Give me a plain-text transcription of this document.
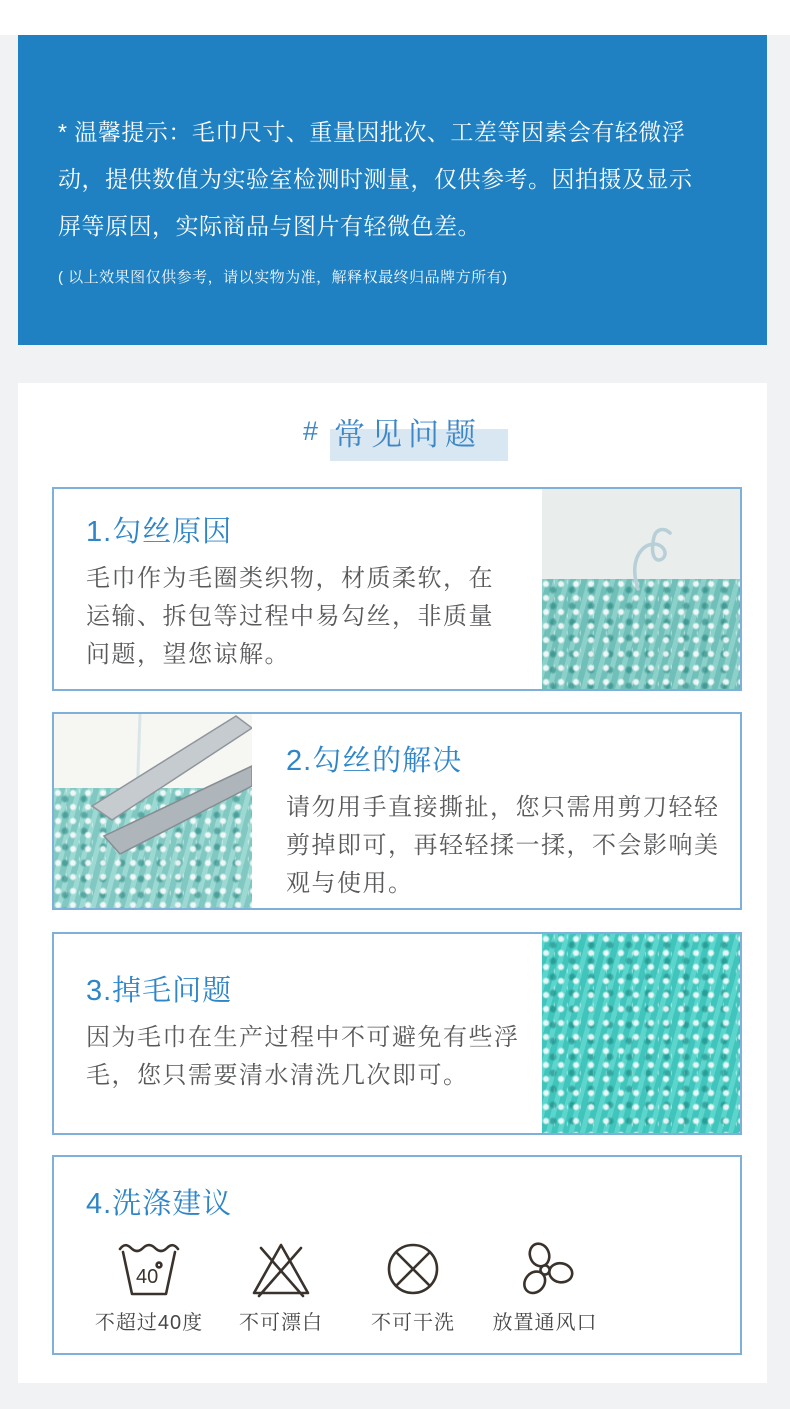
* 温馨提示：毛巾尺寸、重量因批次、工差等因素会有轻微浮动，提供数值为实验室检测时测量，仅供参考。因拍摄及显示屏等原因，实际商品与图片有轻微色差。

( 以上效果图仅供参考，请以实物为准，解释权最终归品牌方所有)

# 常见问题
1.勾丝原因

毛巾作为毛圈类织物，材质柔软，在运输、拆包等过程中易勾丝，非质量问题，望您谅解。

2.勾丝的解决

请勿用手直接撕扯，您只需用剪刀轻轻剪掉即可，再轻轻揉一揉，不会影响美观与使用。

3.掉毛问题

因为毛巾在生产过程中不可避免有些浮毛，您只需要清水清洗几次即可。

4.洗涤建议
40
不超过40度 不可漂白 不可干洗 放置通风口
